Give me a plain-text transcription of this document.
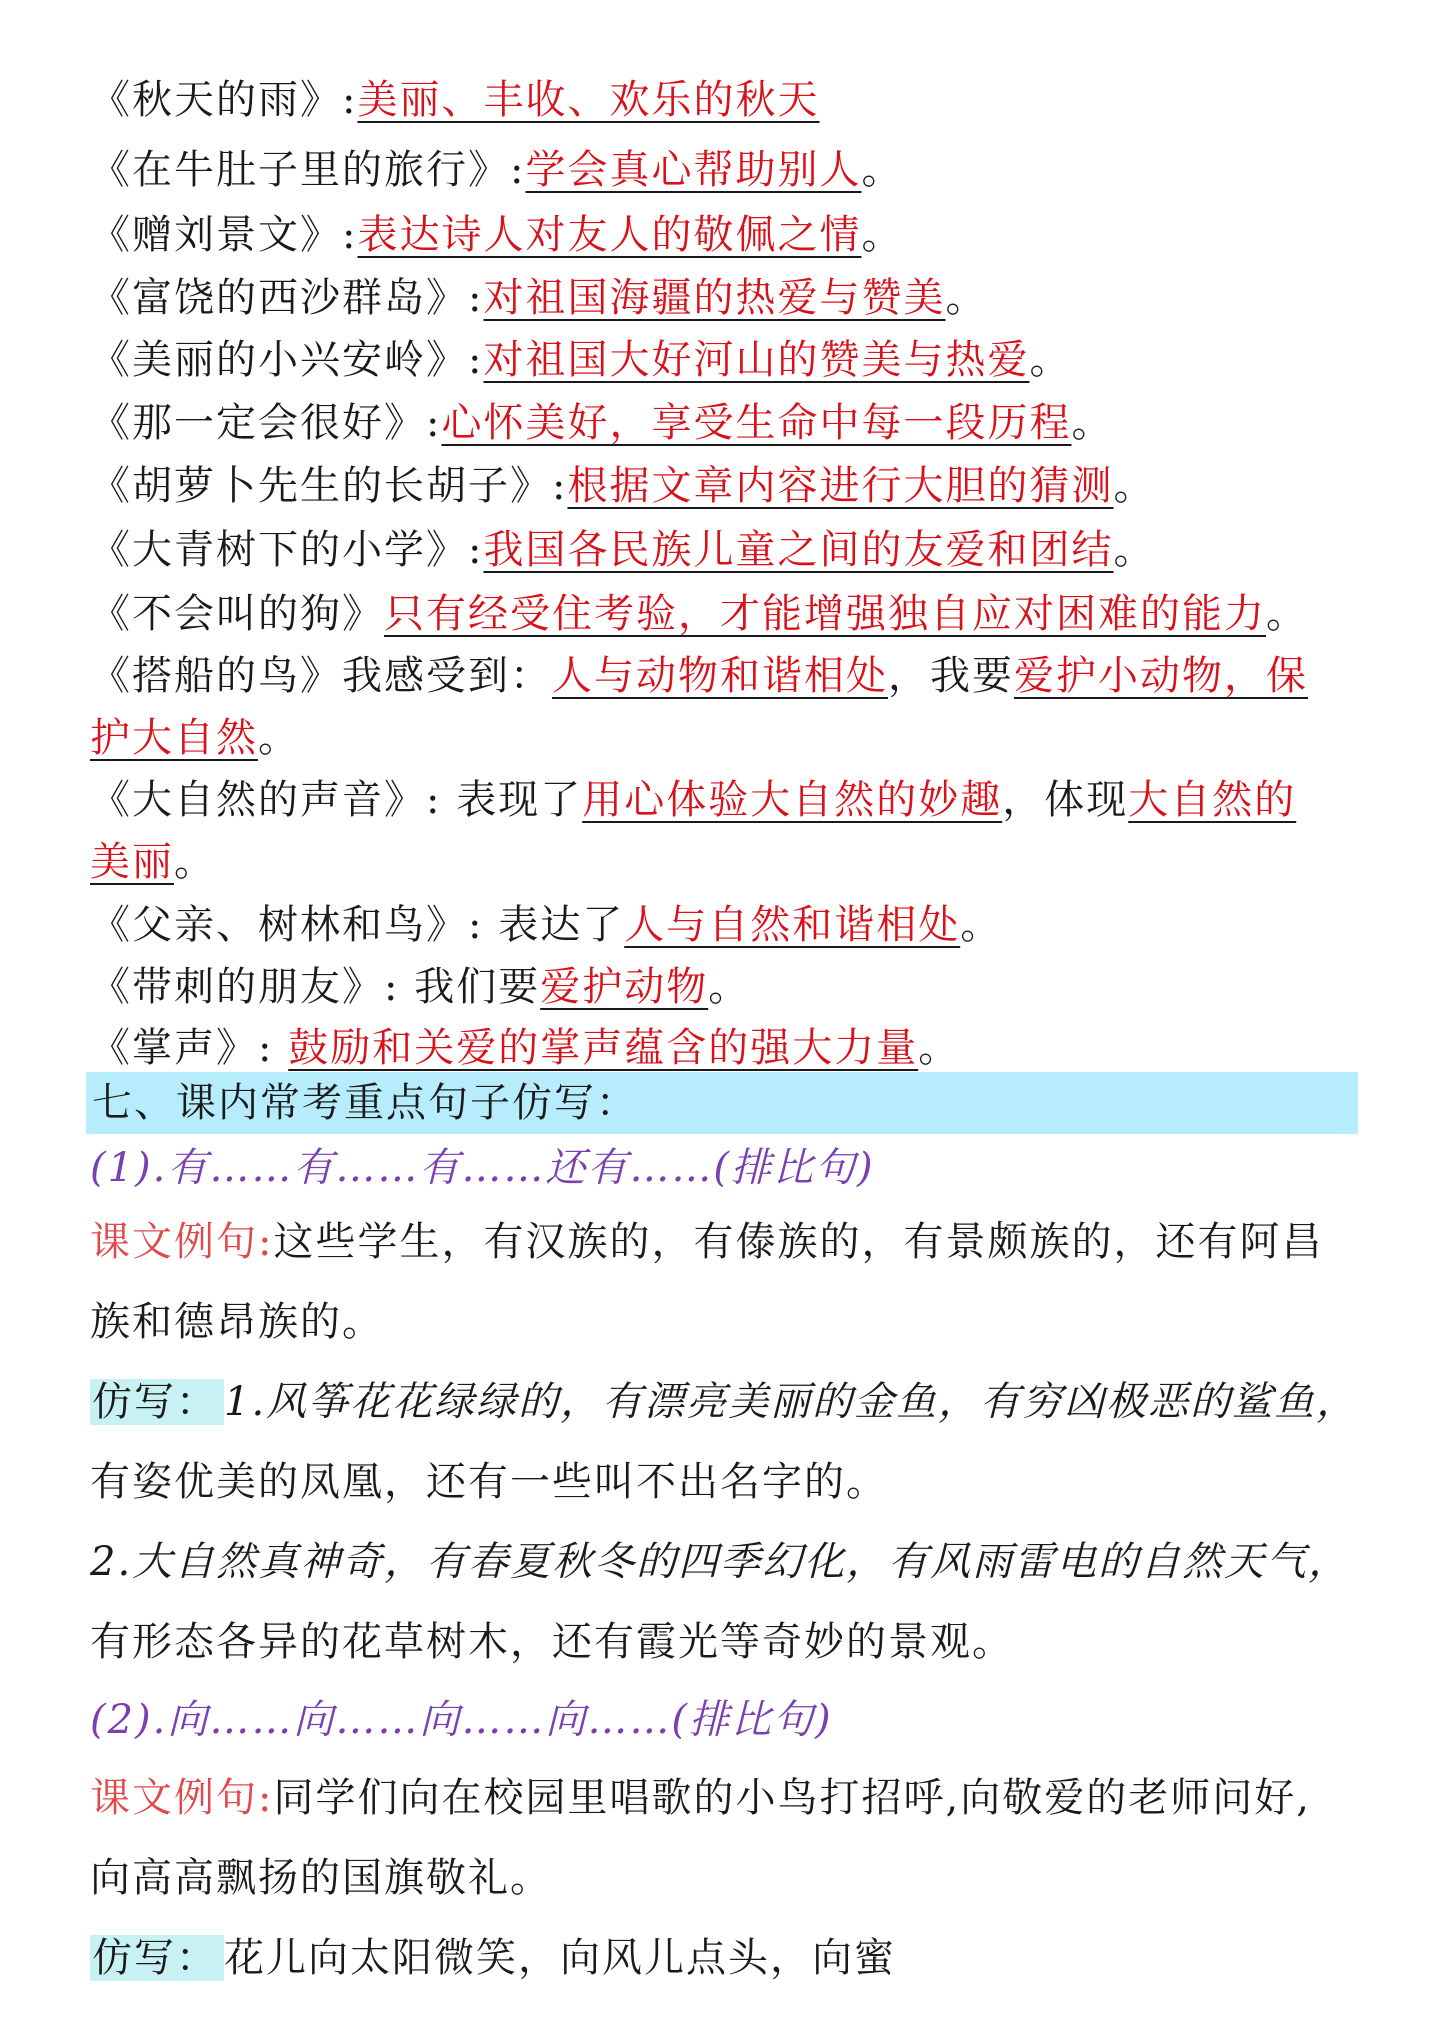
《秋天的雨》:美丽、丰收、欢乐的秋天
《在牛肚子里的旅行》:学会真心帮助别人。
《赠刘景文》:表达诗人对友人的敬佩之情。
《富饶的西沙群岛》:对祖国海疆的热爱与赞美。
《美丽的小兴安岭》:对祖国大好河山的赞美与热爱。
《那一定会很好》:心怀美好，享受生命中每一段历程。
《胡萝卜先生的长胡子》:根据文章内容进行大胆的猜测。
《大青树下的小学》:我国各民族儿童之间的友爱和团结。
《不会叫的狗》只有经受住考验，才能增强独自应对困难的能力。
《搭船的鸟》我感受到：人与动物和谐相处，我要爱护小动物，保
护大自然。
《大自然的声音》: 表现了用心体验大自然的妙趣，体现大自然的
美丽。
《父亲、树林和鸟》: 表达了人与自然和谐相处。
《带刺的朋友》: 我们要爱护动物。
《掌声》: 鼓励和关爱的掌声蕴含的强大力量。
七、课内常考重点句子仿写：
(1).有……有……有……还有……(排比句)
课文例句:这些学生，有汉族的，有傣族的，有景颇族的，还有阿昌
族和德昂族的。
仿写： 1.风筝花花绿绿的，有漂亮美丽的金鱼，有穷凶极恶的鲨鱼，
有姿优美的凤凰，还有一些叫不出名字的。
2.大自然真神奇，有春夏秋冬的四季幻化，有风雨雷电的自然天气，
有形态各异的花草树木，还有霞光等奇妙的景观。
(2).向……向……向……向……(排比句)
课文例句:同学们向在校园里唱歌的小鸟打招呼,向敬爱的老师问好,
向高高飘扬的国旗敬礼。
仿写： 花儿向太阳微笑，向风儿点头，向蜜
